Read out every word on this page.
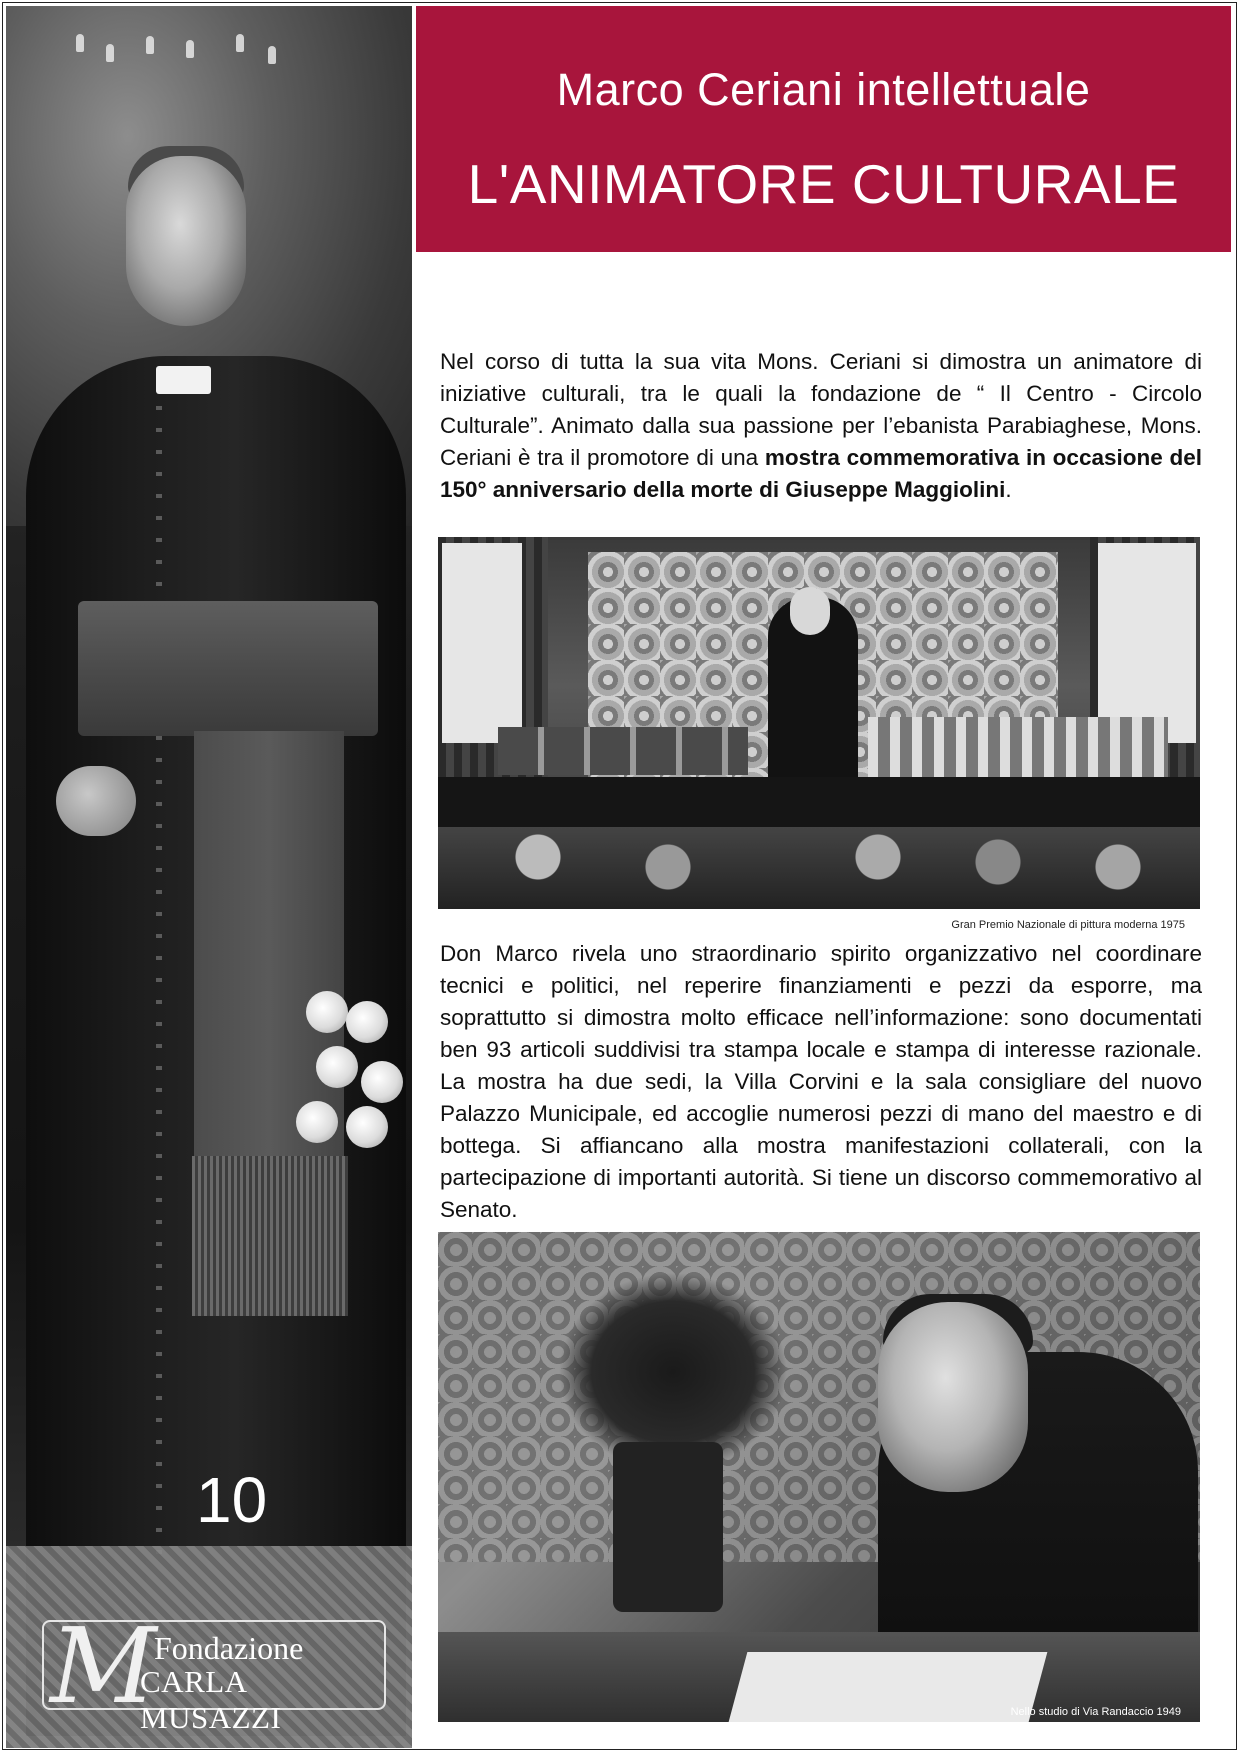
10
M
Fondazione
CARLA MUSAZZI
Marco Ceriani intellettuale
L'ANIMATORE CULTURALE
Nel corso di tutta la sua vita Mons. Ceriani si dimostra un animatore di iniziative culturali, tra le quali la fondazione de “ Il Centro - Circolo Culturale”. Animato dalla sua passione per l’ebanista Parabiaghese, Mons. Ceriani è tra il promotore di una mostra commemorativa in occasione del 150° anniversario della morte di Giuseppe Maggiolini.
Gran Premio Nazionale di pittura moderna 1975
Don Marco rivela uno straordinario spirito organizzativo nel coordinare tecnici e politici, nel reperire finanziamenti e pezzi da esporre, ma soprattutto si dimostra molto efficace nell’informazione: sono documentati ben 93 articoli suddivisi tra stampa locale e stampa di interesse razionale. La mostra ha due sedi, la Villa Corvini e la sala consigliare del nuovo Palazzo Municipale, ed accoglie numerosi pezzi di mano del maestro e di bottega. Si affiancano alla mostra manifestazioni collaterali, con la partecipazione di importanti autorità. Si tiene un discorso commemorativo al Senato.
Nello studio di Via Randaccio 1949
